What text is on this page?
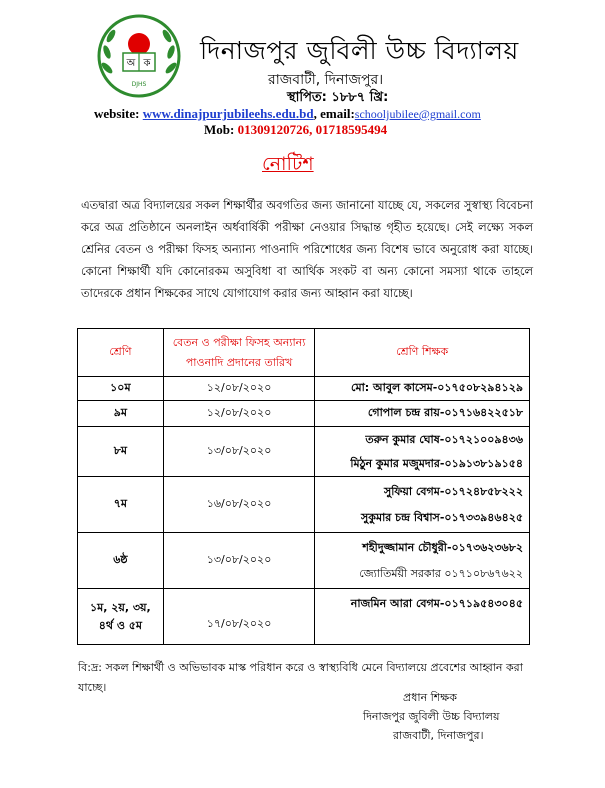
অ ক
DJHS
দিনাজপুর জুবিলী উচ্চ বিদ্যালয়
রাজবাটী, দিনাজপুর।
স্থাপিত: ১৮৮৭ খ্রি:
website: www.dinajpurjubileehs.edu.bd, email:schooljubilee@gmail.com
Mob: 01309120726, 01718595494
নোটিশ

এতদ্বারা অত্র বিদ্যালয়ের সকল শিক্ষার্থীর অবগতির জন্য জানানো যাচ্ছে যে, সকলের সুস্বাস্থ্য বিবেচনা করে অত্র প্রতিষ্ঠানে অনলাইন অর্ধবার্ষিকী পরীক্ষা নেওয়ার সিদ্ধান্ত গৃহীত হয়েছে। সেই লক্ষ্যে সকল শ্রেনির বেতন ও পরীক্ষা ফিসহ অন্যান্য পাওনাদি পরিশোধের জন্য বিশেষ ভাবে অনুরোধ করা যাচ্ছে। কোনো শিক্ষার্থী যদি কোনোরকম অসুবিধা বা আর্থিক সংকট বা অন্য কোনো সমস্যা থাকে তাহলে তাদেরকে প্রধান শিক্ষকের সাথে যোগাযোগ করার জন্য আহ্বান করা যাচ্ছে।

শ্রেণি	বেতন ও পরীক্ষা ফিসহ অন্যান্য পাওনাদি প্রদানের তারিখ	শ্রেণি শিক্ষক
১০ম	১২/০৮/২০২০	মো: আবুল কাসেম-০১৭৫০৮২৯৪১২৯

৯ম	১২/০৮/২০২০	গোপাল চন্দ্র রায়-০১৭১৬৪২২৫১৮

৮ম	১৩/০৮/২০২০	তরুন কুমার ঘোষ-০১৭২১০০৯৪৩৬
মিঠুন কুমার মজুমদার-০১৯১৩৮১৯১৫৪

৭ম	১৬/০৮/২০২০	সুফিয়া বেগম-০১৭২৪৮৫৮২২২
সুকুমার চন্দ্র বিশ্বাস-০১৭৩৩৯৪৬৪২৫

৬ষ্ঠ	১৩/০৮/২০২০	শহীদুজ্জামান চৌধুরী-০১৭৩৬২৩৬৮২
জ্যোতির্ময়ী সরকার ০১৭১০৮৬৭৬২২

১ম, ২য়, ৩য়, ৪র্থ ও ৫ম	১৭/০৮/২০২০	নাজমিন আরা বেগম-০১৭১৯৫৪৩০৪৫
বি:দ্র: সকল শিক্ষার্থী ও অভিভাবক মাস্ক পরিধান করে ও স্বাস্থ্যবিধি মেনে বিদ্যালয়ে প্রবেশের আহ্বান করা যাচ্ছে।
প্রধান শিক্ষক
দিনাজপুর জুবিলী উচ্চ বিদ্যালয়
রাজবাটী, দিনাজপুর।
